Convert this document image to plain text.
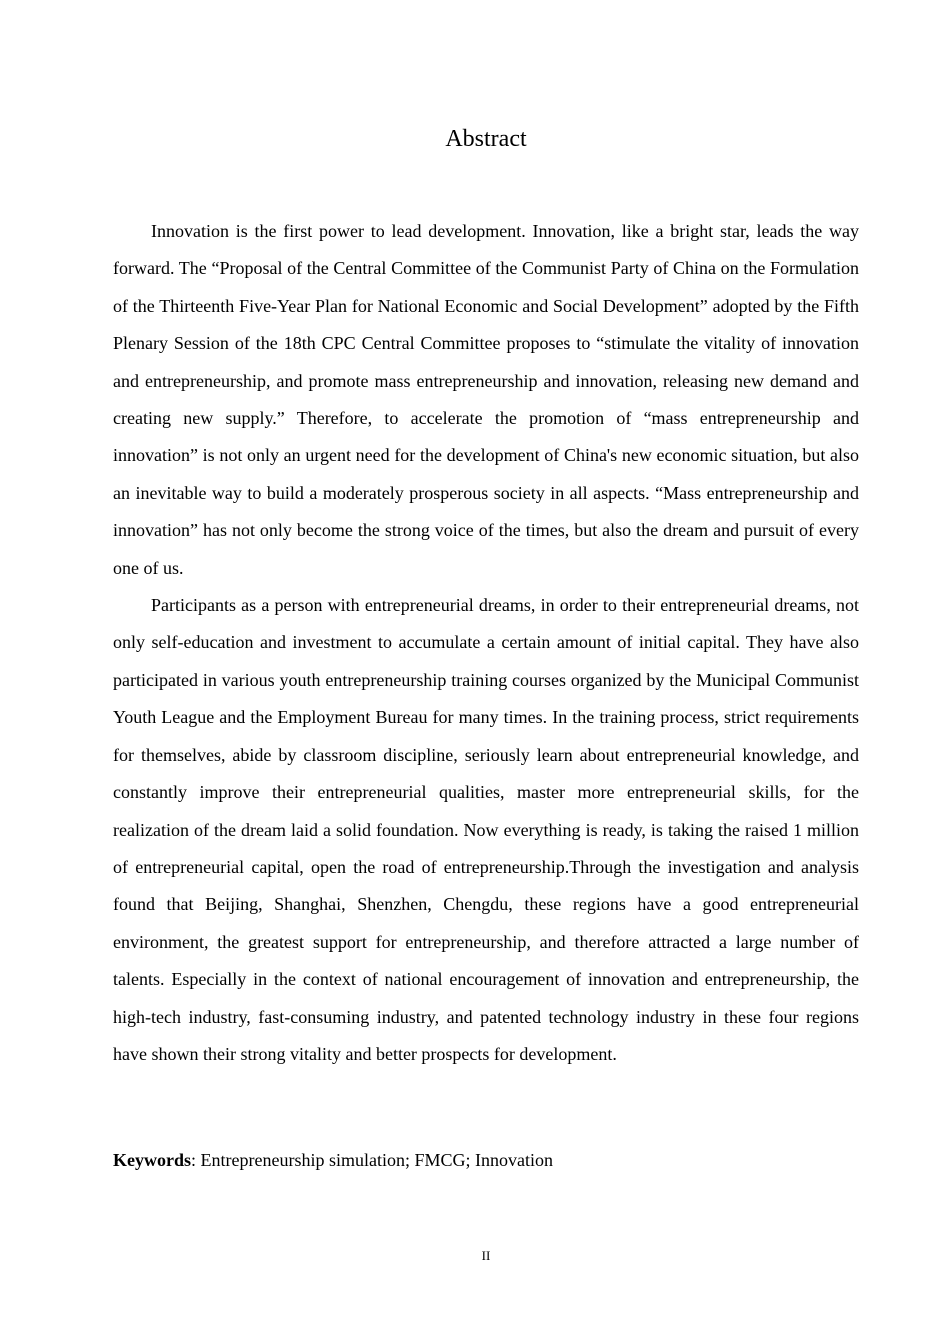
Abstract

Innovation is the first power to lead development. Innovation, like a bright star, leads the way forward. The “Proposal of the Central Committee of the Communist Party of China on the Formulation of the Thirteenth Five-Year Plan for National Economic and Social Development” adopted by the Fifth Plenary Session of the 18th CPC Central Committee proposes to “stimulate the vitality of innovation and entrepreneurship, and promote mass entrepreneurship and innovation, releasing new demand and creating new supply.” Therefore, to accelerate the promotion of “mass entrepreneurship and innovation” is not only an urgent need for the development of China's new economic situation, but also an inevitable way to build a moderately prosperous society in all aspects. “Mass entrepreneurship and innovation” has not only become the strong voice of the times, but also the dream and pursuit of every one of us.

Participants as a person with entrepreneurial dreams, in order to their entrepreneurial dreams, not only self-education and investment to accumulate a certain amount of initial capital. They have also participated in various youth entrepreneurship training courses organized by the Municipal Communist Youth League and the Employment Bureau for many times. In the training process, strict requirements for themselves, abide by classroom discipline, seriously learn about entrepreneurial knowledge, and constantly improve their entrepreneurial qualities, master more entrepreneurial skills, for the realization of the dream laid a solid foundation. Now everything is ready, is taking the raised 1 million of entrepreneurial capital, open the road of entrepreneurship.Through the investigation and analysis found that Beijing, Shanghai, Shenzhen, Chengdu, these regions have a good entrepreneurial environment, the greatest support for entrepreneurship, and therefore attracted a large number of talents. Especially in the context of national encouragement of innovation and entrepreneurship, the high-tech industry, fast-consuming industry, and patented technology industry in these four regions have shown their strong vitality and better prospects for development.

Keywords: Entrepreneurship simulation; FMCG; Innovation
II
